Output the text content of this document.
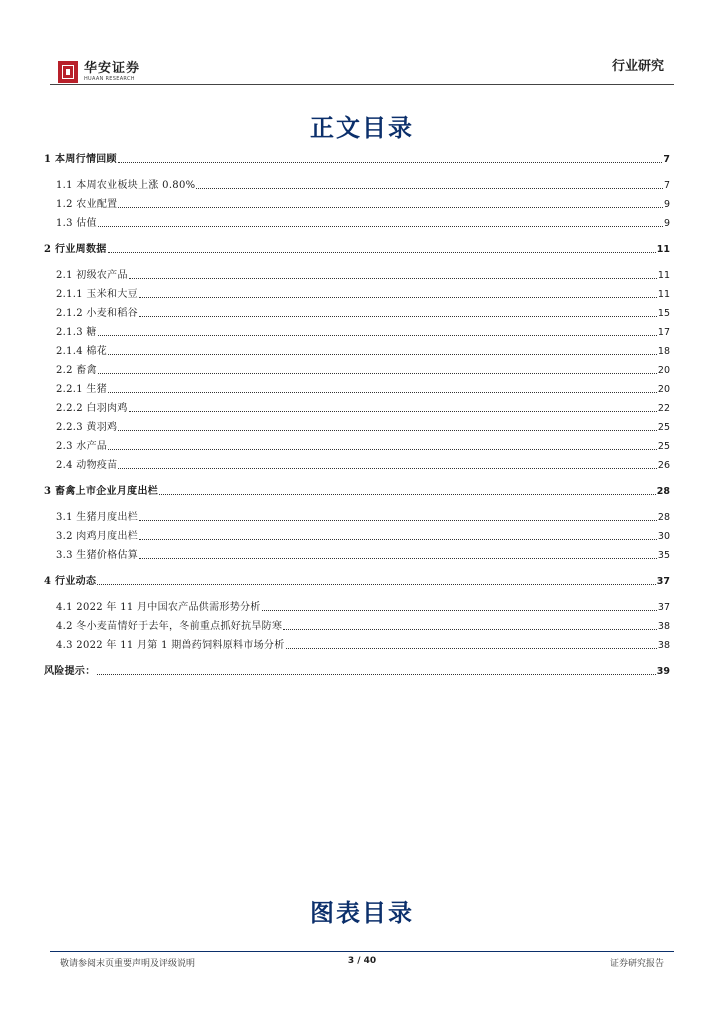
华安证券
HUAAN RESEARCH
行业研究
正文目录
1 本周行情回顾	7
1.1 本周农业板块上涨 0.80%	7
1.2 农业配置	9
1.3 估值	9
2 行业周数据	11
2.1 初级农产品	11
2.1.1 玉米和大豆	11
2.1.2 小麦和稻谷	15
2.1.3 糖	17
2.1.4 棉花	18
2.2 畜禽	20
2.2.1 生猪	20
2.2.2 白羽肉鸡	22
2.2.3 黄羽鸡	25
2.3 水产品	25
2.4 动物疫苗	26
3 畜禽上市企业月度出栏	28
3.1 生猪月度出栏	28
3.2 肉鸡月度出栏	30
3.3 生猪价格估算	35
4 行业动态	37
4.1 2022 年 11 月中国农产品供需形势分析	37
4.2 冬小麦苗情好于去年，冬前重点抓好抗旱防寒	38
4.3 2022 年 11 月第 1 期兽药饲料原料市场分析	38
风险提示：	39
图表目录
敬请参阅末页重要声明及评级说明	3 / 40	证券研究报告
